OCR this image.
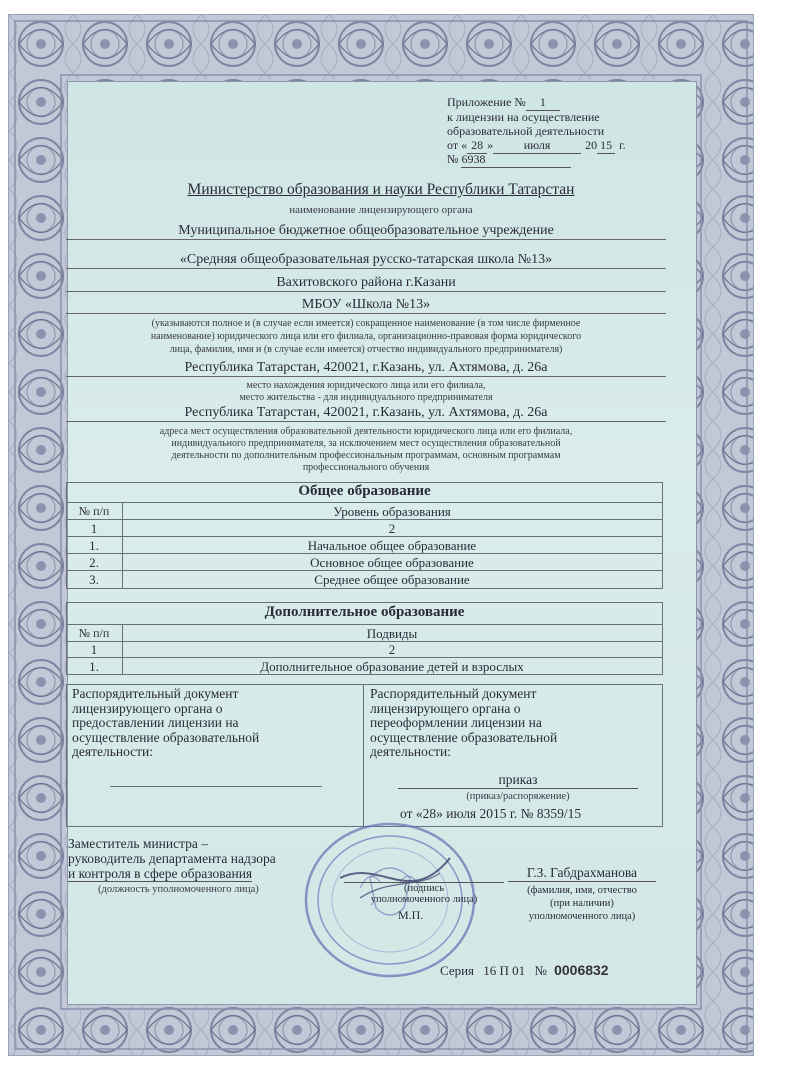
Приложение № 1
к лицензии на осуществление
образовательной деятельности
от « 28 »	июля	20 15 г.
№ 6938
Министерство образования и науки Республики Татарстан
наименование лицензирующего органа
Муниципальное бюджетное общеобразовательное учреждение
«Средняя общеобразовательная русско-татарская школа №13»
Вахитовского района г.Казани
МБОУ «Школа №13»
(указываются полное и (в случае если имеется) сокращенное наименование (в том числе фирменное
наименование) юридического лица или его филиала, организационно-правовая форма юридического
лица, фамилия, имя и (в случае если имеется) отчество индивидуального предпринимателя)
Республика Татарстан, 420021, г.Казань, ул. Ахтямова, д. 26а
место нахождения юридического лица или его филиала,
место жительства - для индивидуального предпринимателя
Республика Татарстан, 420021, г.Казань, ул. Ахтямова, д. 26а
адреса мест осуществления образовательной деятельности юридического лица или его филиала,
индивидуального предпринимателя, за исключением мест осуществления образовательной
деятельности по дополнительным профессиональным программам, основным программам
профессионального обучения
Общее образование
№ п/п	Уровень образования
1	2
1.	Начальное общее образование
2.	Основное общее образование
3.	Среднее общее образование
Дополнительное образование
№ п/п	Подвиды
1	2
1.	Дополнительное образование детей и взрослых
Распорядительный документ
лицензирующего органа о
предоставлении лицензии на
осуществление образовательной
деятельности:
Распорядительный документ
лицензирующего органа о
переоформлении лицензии на
осуществление образовательной
деятельности:
приказ
(приказ/распоряжение)
от «28» июля 2015 г. № 8359/15
Заместитель министра –
руководитель департамента надзора
и контроля в сфере образования
(должность уполномоченного лица)	(подпись
уполномоченного лица)
М.П.
Г.З. Габдрахманова
(фамилия, имя, отчество
(при наличии)
уполномоченного лица)
Серия 16 П 01 № 0006832
